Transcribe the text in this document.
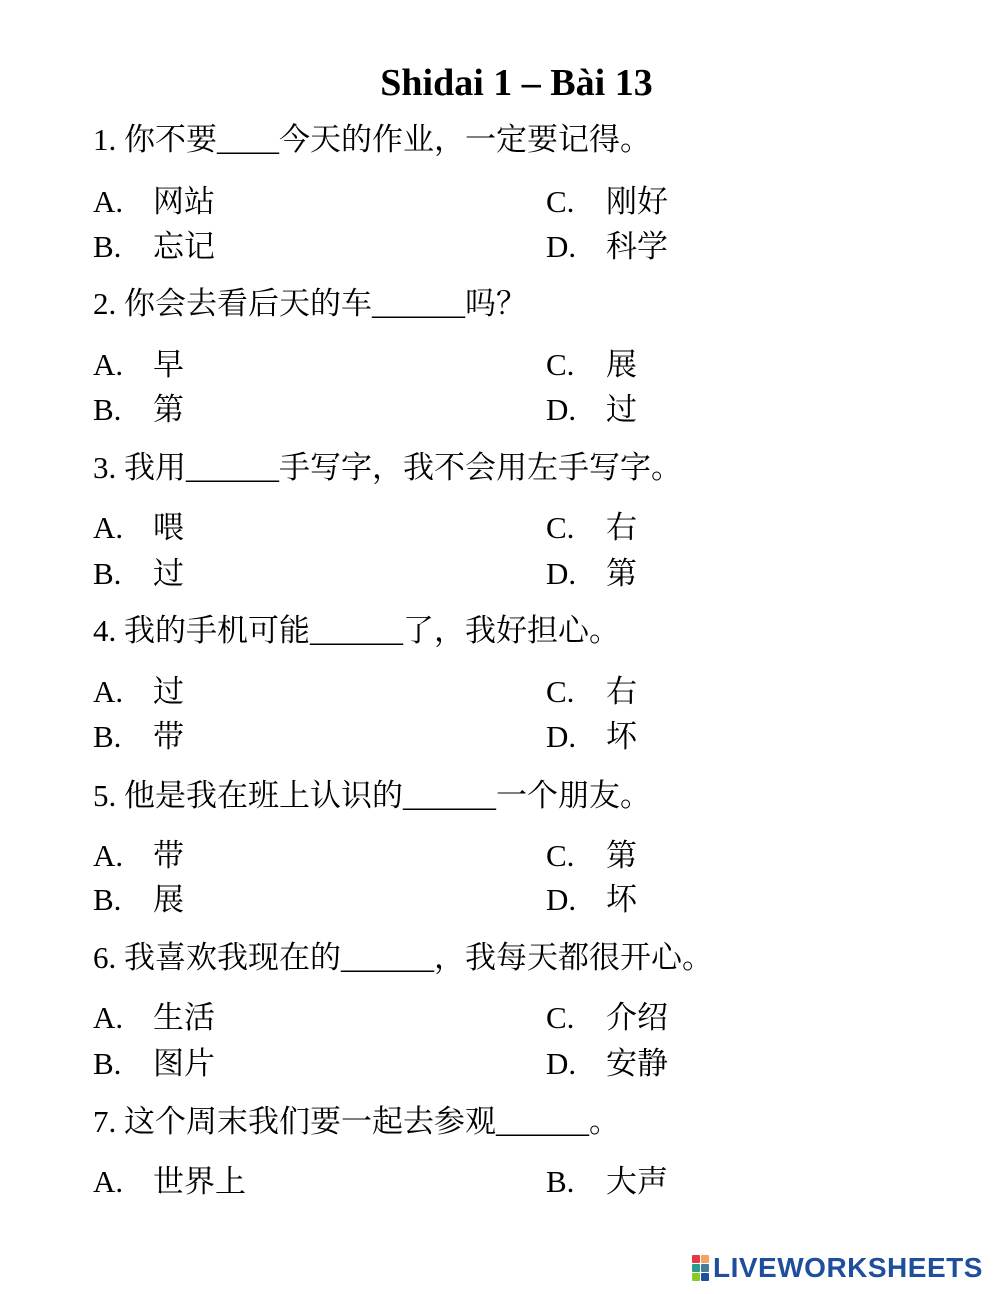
Shidai 1 – Bài 13
1. 你不要____今天的作业，一定要记得。
A. 网站
B. 忘记
C. 刚好
D. 科学
2. 你会去看后天的车______吗？
A. 早
B. 第
C. 展
D. 过
3. 我用______手写字，我不会用左手写字。
A. 喂
B. 过
C. 右
D. 第
4. 我的手机可能______了，我好担心。
A. 过
B. 带
C. 右
D. 坏
5. 他是我在班上认识的______一个朋友。
A. 带
B. 展
C. 第
D. 坏
6. 我喜欢我现在的______，我每天都很开心。
A. 生活
B. 图片
C. 介绍
D. 安静
7. 这个周末我们要一起去参观______。
A. 世界上	B. 大声
LIVEWORKSHEETS
